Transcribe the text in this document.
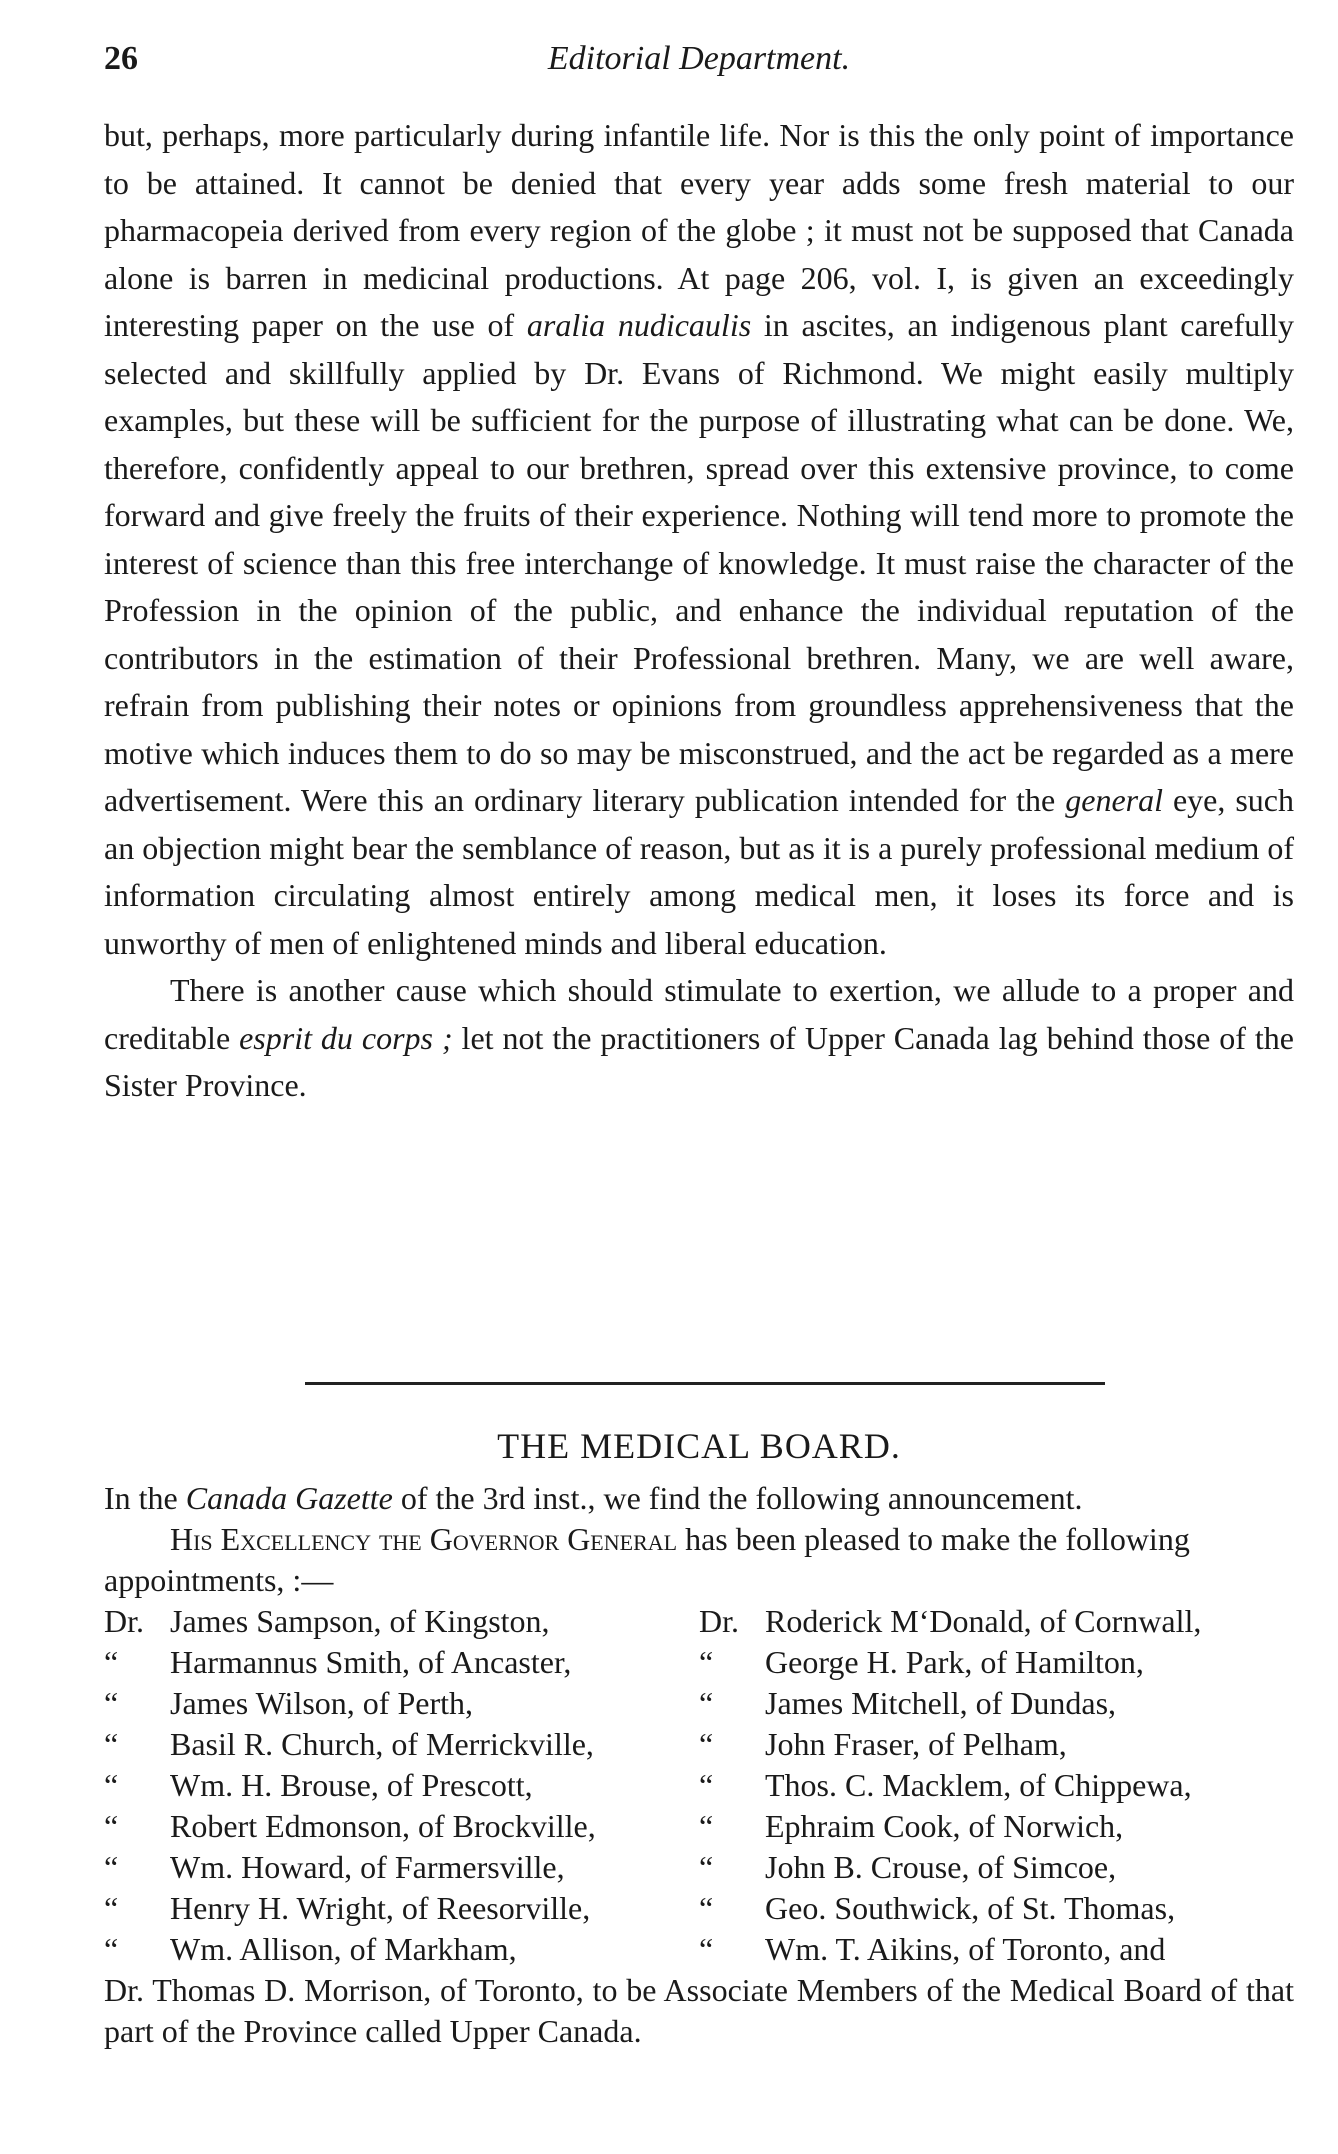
26	Editorial Department.

but, perhaps, more particularly during infantile life. Nor is this the only point of importance to be attained. It cannot be denied that every year adds some fresh material to our pharmacopeia derived from every region of the globe ; it must not be supposed that Canada alone is barren in medicinal productions. At page 206, vol. I, is given an exceedingly interesting paper on the use of aralia nudicaulis in ascites, an indigenous plant carefully selected and skillfully applied by Dr. Evans of Richmond. We might easily multiply examples, but these will be sufficient for the purpose of illustrating what can be done. We, therefore, confidently appeal to our brethren, spread over this extensive province, to come forward and give freely the fruits of their experience. Nothing will tend more to promote the interest of science than this free interchange of knowledge. It must raise the character of the Profession in the opinion of the public, and enhance the individual reputation of the contributors in the estimation of their Professional brethren. Many, we are well aware, refrain from publishing their notes or opinions from groundless apprehensiveness that the motive which induces them to do so may be misconstrued, and the act be regarded as a mere advertisement. Were this an ordinary literary publication intended for the general eye, such an objection might bear the semblance of reason, but as it is a purely professional medium of information circulating almost entirely among medical men, it loses its force and is unworthy of men of enlightened minds and liberal education.

There is another cause which should stimulate to exertion, we allude to a proper and creditable esprit du corps ; let not the practitioners of Upper Canada lag behind those of the Sister Province.

THE MEDICAL BOARD.

In the Canada Gazette of the 3rd inst., we find the following announcement.

His Excellency the Governor General has been pleased to make the following appointments, :—

Dr. James Sampson, of Kingston,
“	Harmannus Smith, of Ancaster,
“	James Wilson, of Perth,
“	Basil R. Church, of Merrickville,
“	Wm. H. Brouse, of Prescott,
“	Robert Edmonson, of Brockville,
“	Wm. Howard, of Farmersville,
“	Henry H. Wright, of Reesorville,
“	Wm. Allison, of Markham,
Dr. Roderick M‘Donald, of Cornwall,
“	George H. Park, of Hamilton,
“	James Mitchell, of Dundas,
“	John Fraser, of Pelham,
“	Thos. C. Macklem, of Chippewa,
“	Ephraim Cook, of Norwich,
“	John B. Crouse, of Simcoe,
“	Geo. Southwick, of St. Thomas,
“	Wm. T. Aikins, of Toronto, and

Dr. Thomas D. Morrison, of Toronto, to be Associate Members of the Medical Board of that part of the Province called Upper Canada.
